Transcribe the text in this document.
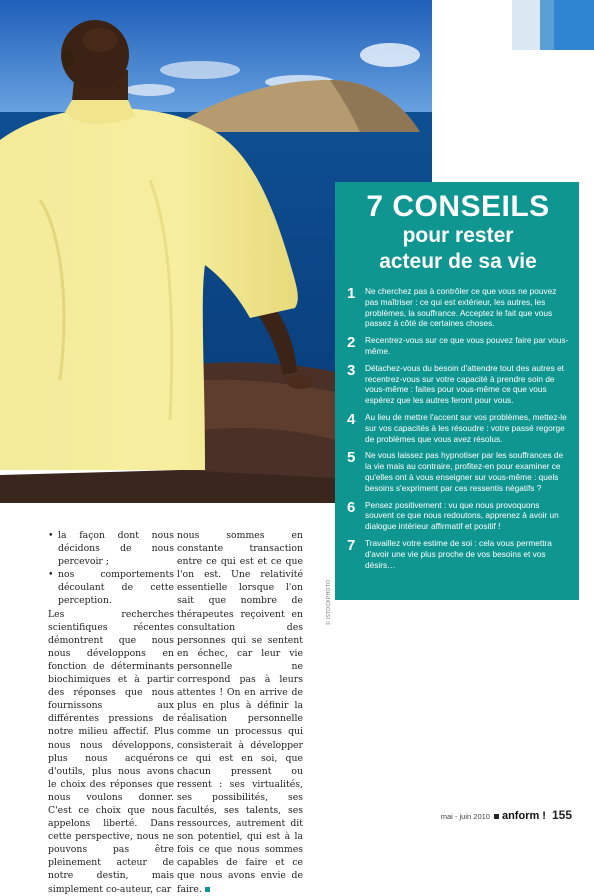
7 CONSEILS
pour rester
acteur de sa vie
1	Ne cherchez pas à contrôler ce que vous ne pouvez pas maîtriser : ce qui est extérieur, les autres, les problèmes, la souffrance. Acceptez le fait que vous passez à côté de certaines choses.
2	Recentrez-vous sur ce que vous pouvez faire par vous-même.
3	Détachez-vous du besoin d'attendre tout des autres et recentrez-vous sur votre capacité à prendre soin de vous-même : faites pour vous-même ce que vous espérez que les autres feront pour vous.
4	Au lieu de mettre l'accent sur vos problèmes, mettez-le sur vos capacités à les résoudre : votre passé regorge de problèmes que vous avez résolus.
5	Ne vous laissez pas hypnotiser par les souffrances de la vie mais au contraire, profitez-en pour examiner ce qu'elles ont à vous enseigner sur vous-même : quels besoins s'expriment par ces ressentis négatifs ?
6	Pensez positivement : vu que nous provoquons souvent ce que nous redoutons, apprenez à avoir un dialogue intérieur affirmatif et positif !
7	Travaillez votre estime de soi : cela vous permettra d'avoir une vie plus proche de vos besoins et vos désirs…
© ISTOCKPHOTO
• la façon dont nous décidons de nous percevoir ;
• nos comportements découlant de cette perception.

Les recherches scientifiques récentes démontrent que nous nous développons en fonction de déterminants biochimiques et à partir des réponses que nous fournissons aux différentes pressions de notre milieu affectif. Plus nous nous développons, plus nous acquérons d'outils, plus nous avons le choix des réponses que nous voulons donner. C'est ce choix que nous appelons liberté. Dans cette perspective, nous ne pouvons pas être pleinement acteur de notre destin, mais simplement co-auteur, car

nous sommes en constante transaction entre ce qui est et ce que l'on est. Une relativité essentielle lorsque l'on sait que nombre de thérapeutes reçoivent en consultation des personnes qui se sentent en échec, car leur vie personnelle ne correspond pas à leurs attentes ! On en arrive de plus en plus à définir la réalisation personnelle comme un processus qui consisterait à développer ce qui est en soi, que chacun pressent ou ressent : ses virtualités, ses possibilités, ses facultés, ses talents, ses ressources, autrement dit son potentiel, qui est à la fois ce que nous sommes capables de faire et ce que nous avons envie de faire.

mai - juin 2010 anform ! 155
